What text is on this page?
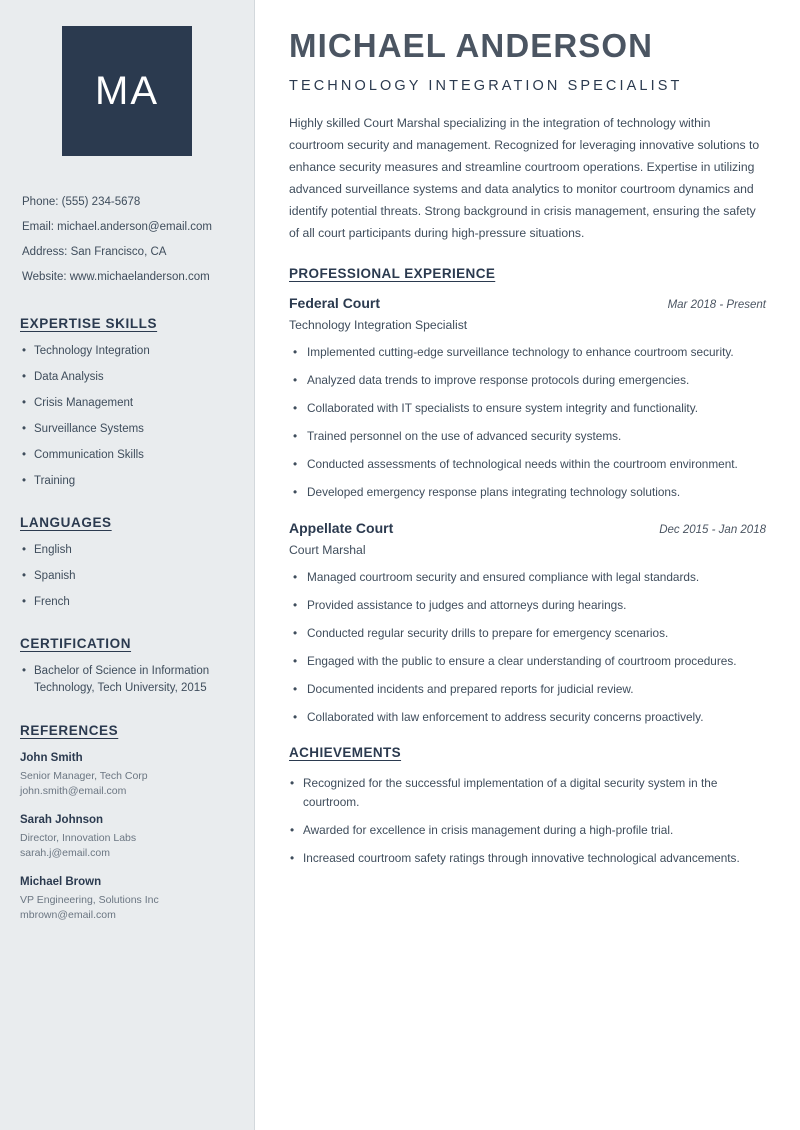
MA
Phone: (555) 234-5678
Email: michael.anderson@email.com
Address: San Francisco, CA
Website: www.michaelanderson.com
EXPERTISE SKILLS
• Technology Integration
• Data Analysis
• Crisis Management
• Surveillance Systems
• Communication Skills
• Training
LANGUAGES
• English
• Spanish
• French
CERTIFICATION
• Bachelor of Science in Information Technology, Tech University, 2015
REFERENCES
John Smith
Senior Manager, Tech Corp
john.smith@email.com
Sarah Johnson
Director, Innovation Labs
sarah.j@email.com
Michael Brown
VP Engineering, Solutions Inc
mbrown@email.com
MICHAEL ANDERSON
TECHNOLOGY INTEGRATION SPECIALIST

Highly skilled Court Marshal specializing in the integration of technology within courtroom security and management. Recognized for leveraging innovative solutions to enhance security measures and streamline courtroom operations. Expertise in utilizing advanced surveillance systems and data analytics to monitor courtroom dynamics and identify potential threats. Strong background in crisis management, ensuring the safety of all court participants during high-pressure situations.

PROFESSIONAL EXPERIENCE
Federal Court	Mar 2018 - Present
Technology Integration Specialist
• Implemented cutting-edge surveillance technology to enhance courtroom security.
• Analyzed data trends to improve response protocols during emergencies.
• Collaborated with IT specialists to ensure system integrity and functionality.
• Trained personnel on the use of advanced security systems.
• Conducted assessments of technological needs within the courtroom environment.
• Developed emergency response plans integrating technology solutions.
Appellate Court	Dec 2015 - Jan 2018
Court Marshal
• Managed courtroom security and ensured compliance with legal standards.
• Provided assistance to judges and attorneys during hearings.
• Conducted regular security drills to prepare for emergency scenarios.
• Engaged with the public to ensure a clear understanding of courtroom procedures.
• Documented incidents and prepared reports for judicial review.
• Collaborated with law enforcement to address security concerns proactively.
ACHIEVEMENTS
• Recognized for the successful implementation of a digital security system in the courtroom.
• Awarded for excellence in crisis management during a high-profile trial.
• Increased courtroom safety ratings through innovative technological advancements.
